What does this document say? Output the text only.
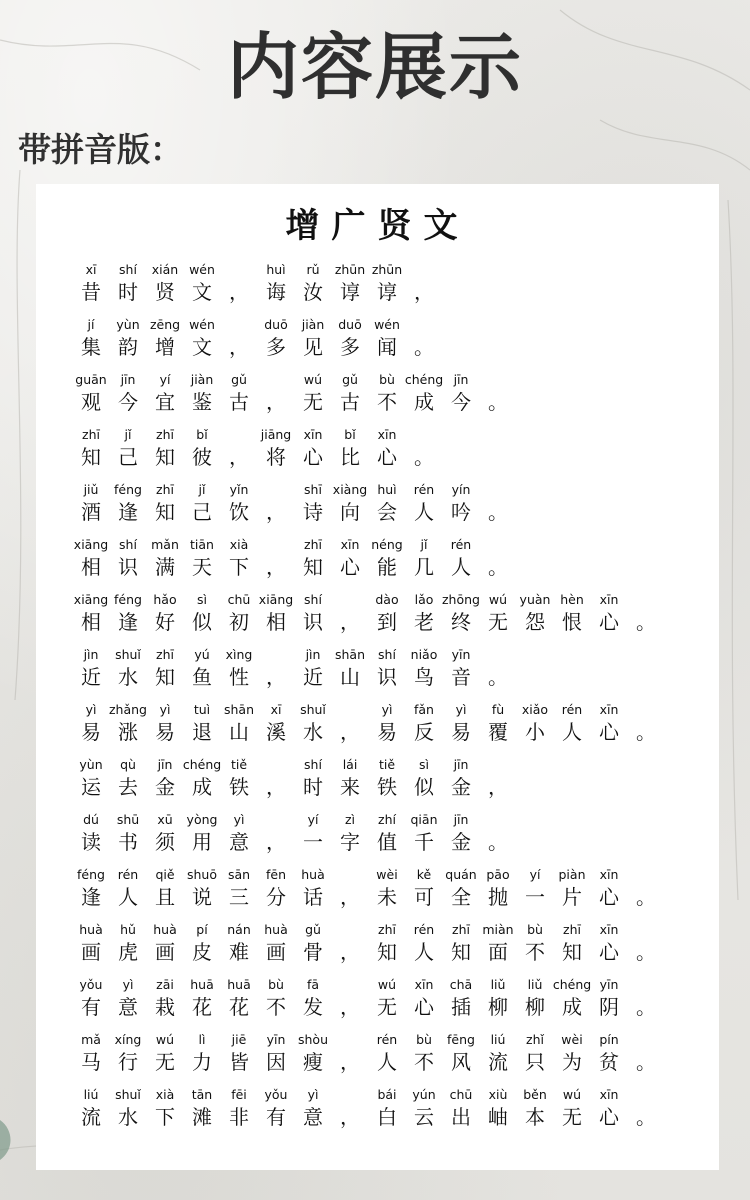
内容展示
带拼音版：
增广贤文
xī
昔
shí
时
xián
贤
wén
文 ，
huì
诲
rǔ
汝
zhūn
谆
zhūn
谆 ，
jí
集
yùn
韵
zēng
增
wén
文 ，
duō
多
jiàn
见
duō
多
wén
闻 。
guān
观
jīn
今
yí
宜
jiàn
鉴
gǔ
古 ，
wú
无
gǔ
古
bù
不
chéng
成
jīn
今 。
zhī
知
jǐ
己
zhī
知
bǐ
彼 ，
jiāng
将
xīn
心
bǐ
比
xīn
心 。
jiǔ
酒
féng
逢
zhī
知
jǐ
己
yǐn
饮 ，
shī
诗
xiàng
向
huì
会
rén
人
yín
吟 。
xiāng
相
shí
识
mǎn
满
tiān
天
xià
下 ，
zhī
知
xīn
心
néng
能
jǐ
几
rén
人 。
xiāng
相
féng
逢
hǎo
好
sì
似
chū
初
xiāng
相
shí
识 ，
dào
到
lǎo
老
zhōng
终
wú
无
yuàn
怨
hèn
恨
xīn
心 。
jìn
近
shuǐ
水
zhī
知
yú
鱼
xìng
性 ，
jìn
近
shān
山
shí
识
niǎo
鸟
yīn
音 。
yì
易
zhǎng
涨
yì
易
tuì
退
shān
山
xī
溪
shuǐ
水 ，
yì
易
fǎn
反
yì
易
fù
覆
xiǎo
小
rén
人
xīn
心 。
yùn
运
qù
去
jīn
金
chéng
成
tiě
铁 ，
shí
时
lái
来
tiě
铁
sì
似
jīn
金 ，
dú
读
shū
书
xū
须
yòng
用
yì
意 ，
yí
一
zì
字
zhí
值
qiān
千
jīn
金 。
féng
逢
rén
人
qiě
且
shuō
说
sān
三
fēn
分
huà
话 ，
wèi
未
kě
可
quán
全
pāo
抛
yí
一
piàn
片
xīn
心 。
huà
画
hǔ
虎
huà
画
pí
皮
nán
难
huà
画
gǔ
骨 ，
zhī
知
rén
人
zhī
知
miàn
面
bù
不
zhī
知
xīn
心 。
yǒu
有
yì
意
zāi
栽
huā
花
huā
花
bù
不
fā
发 ，
wú
无
xīn
心
chā
插
liǔ
柳
liǔ
柳
chéng
成
yīn
阴 。
mǎ
马
xíng
行
wú
无
lì
力
jiē
皆
yīn
因
shòu
瘦 ，
rén
人
bù
不
fēng
风
liú
流
zhǐ
只
wèi
为
pín
贫 。
liú
流
shuǐ
水
xià
下
tān
滩
fēi
非
yǒu
有
yì
意 ，
bái
白
yún
云
chū
出
xiù
岫
běn
本
wú
无
xīn
心 。
